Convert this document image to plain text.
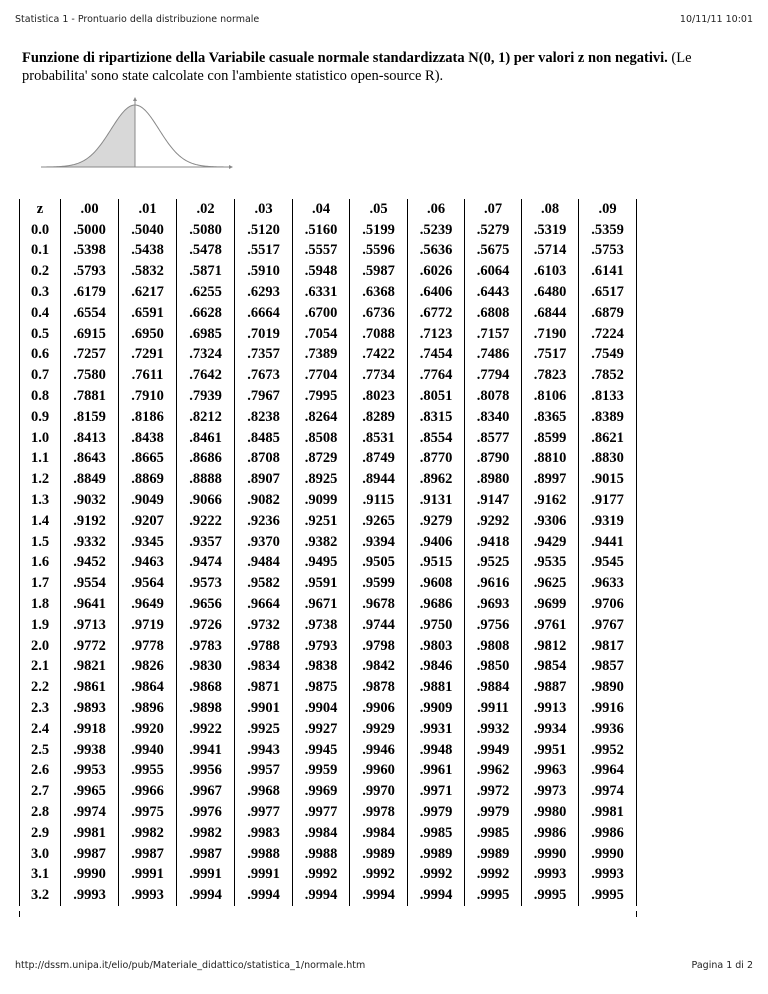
Statistica 1 - Prontuario della distribuzione normale	10/11/11 10:01
Funzione di ripartizione della Variabile casuale normale standardizzata N(0, 1) per valori z non negativi. (Le probabilita' sono state calcolate con l'ambiente statistico open-source R).
z	.00	.01	.02	.03	.04	.05	.06	.07	.08	.09
0.0	.5000	.5040	.5080	.5120	.5160	.5199	.5239	.5279	.5319	.5359
0.1	.5398	.5438	.5478	.5517	.5557	.5596	.5636	.5675	.5714	.5753
0.2	.5793	.5832	.5871	.5910	.5948	.5987	.6026	.6064	.6103	.6141
0.3	.6179	.6217	.6255	.6293	.6331	.6368	.6406	.6443	.6480	.6517
0.4	.6554	.6591	.6628	.6664	.6700	.6736	.6772	.6808	.6844	.6879
0.5	.6915	.6950	.6985	.7019	.7054	.7088	.7123	.7157	.7190	.7224
0.6	.7257	.7291	.7324	.7357	.7389	.7422	.7454	.7486	.7517	.7549
0.7	.7580	.7611	.7642	.7673	.7704	.7734	.7764	.7794	.7823	.7852
0.8	.7881	.7910	.7939	.7967	.7995	.8023	.8051	.8078	.8106	.8133
0.9	.8159	.8186	.8212	.8238	.8264	.8289	.8315	.8340	.8365	.8389
1.0	.8413	.8438	.8461	.8485	.8508	.8531	.8554	.8577	.8599	.8621
1.1	.8643	.8665	.8686	.8708	.8729	.8749	.8770	.8790	.8810	.8830
1.2	.8849	.8869	.8888	.8907	.8925	.8944	.8962	.8980	.8997	.9015
1.3	.9032	.9049	.9066	.9082	.9099	.9115	.9131	.9147	.9162	.9177
1.4	.9192	.9207	.9222	.9236	.9251	.9265	.9279	.9292	.9306	.9319
1.5	.9332	.9345	.9357	.9370	.9382	.9394	.9406	.9418	.9429	.9441
1.6	.9452	.9463	.9474	.9484	.9495	.9505	.9515	.9525	.9535	.9545
1.7	.9554	.9564	.9573	.9582	.9591	.9599	.9608	.9616	.9625	.9633
1.8	.9641	.9649	.9656	.9664	.9671	.9678	.9686	.9693	.9699	.9706
1.9	.9713	.9719	.9726	.9732	.9738	.9744	.9750	.9756	.9761	.9767
2.0	.9772	.9778	.9783	.9788	.9793	.9798	.9803	.9808	.9812	.9817
2.1	.9821	.9826	.9830	.9834	.9838	.9842	.9846	.9850	.9854	.9857
2.2	.9861	.9864	.9868	.9871	.9875	.9878	.9881	.9884	.9887	.9890
2.3	.9893	.9896	.9898	.9901	.9904	.9906	.9909	.9911	.9913	.9916
2.4	.9918	.9920	.9922	.9925	.9927	.9929	.9931	.9932	.9934	.9936
2.5	.9938	.9940	.9941	.9943	.9945	.9946	.9948	.9949	.9951	.9952
2.6	.9953	.9955	.9956	.9957	.9959	.9960	.9961	.9962	.9963	.9964
2.7	.9965	.9966	.9967	.9968	.9969	.9970	.9971	.9972	.9973	.9974
2.8	.9974	.9975	.9976	.9977	.9977	.9978	.9979	.9979	.9980	.9981
2.9	.9981	.9982	.9982	.9983	.9984	.9984	.9985	.9985	.9986	.9986
3.0	.9987	.9987	.9987	.9988	.9988	.9989	.9989	.9989	.9990	.9990
3.1	.9990	.9991	.9991	.9991	.9992	.9992	.9992	.9992	.9993	.9993
3.2	.9993	.9993	.9994	.9994	.9994	.9994	.9994	.9995	.9995	.9995
http://dssm.unipa.it/elio/pub/Materiale_didattico/statistica_1/normale.htm	Pagina 1 di 2
